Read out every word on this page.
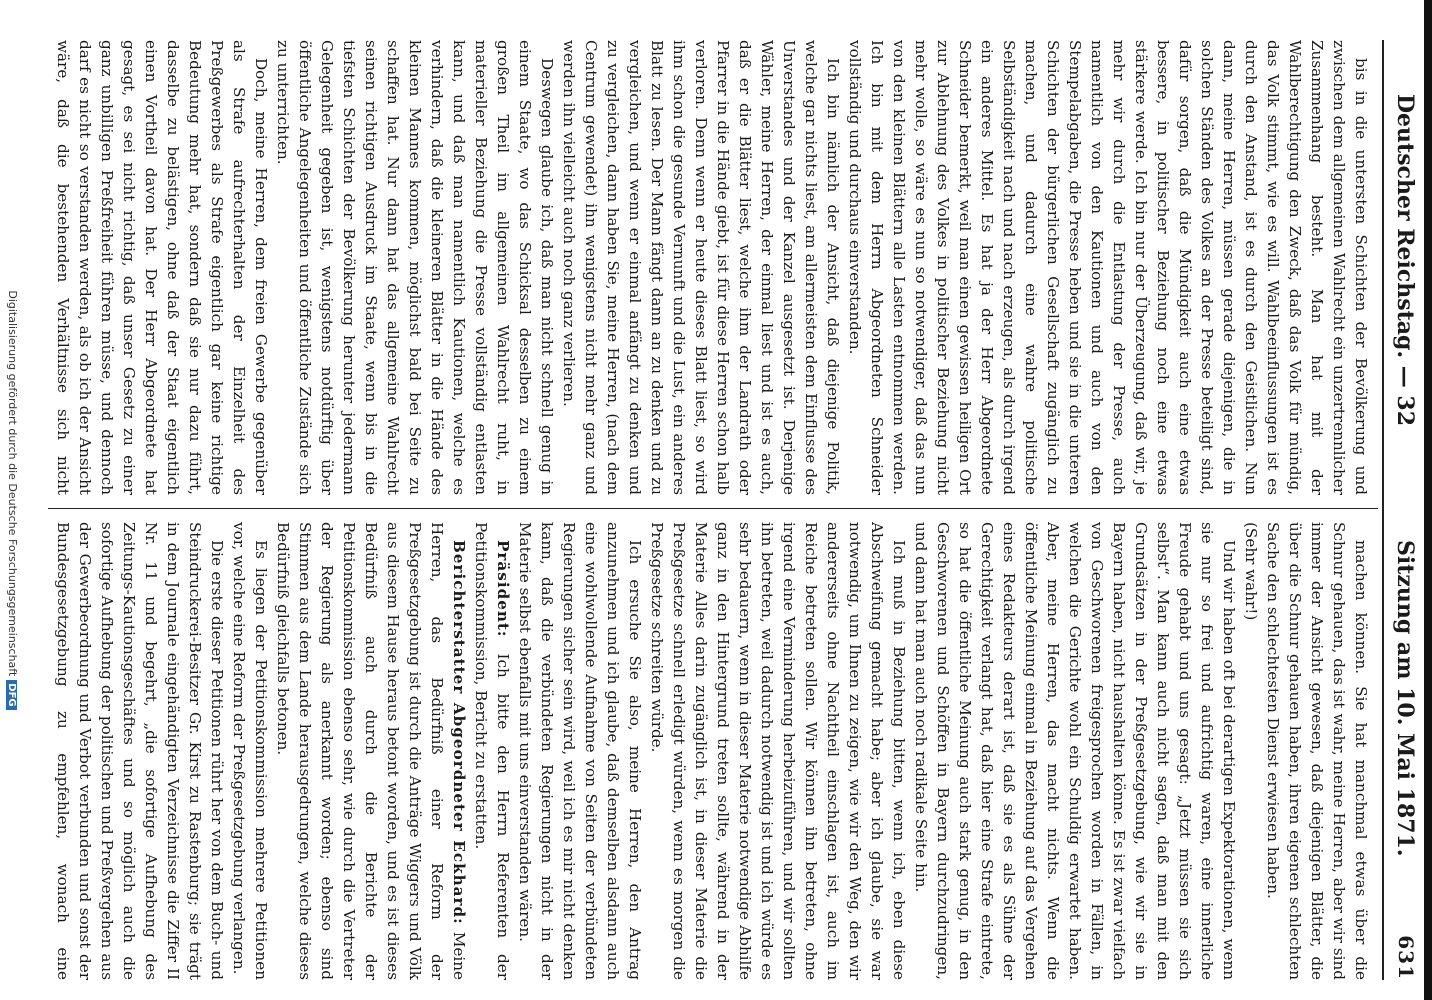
Deutscher Reichstag. — 32
Sitzung am 10. Mai 1871.
631

bis in die untersten Schichten der Bevölkerung und zwischen dem allgemeinen Wahlrecht ein unzertrennlicher Zusammenhang besteht. Man hat mit der Wahlberechtigung den Zweck, daß das Volk für mündig, das Volk stimmt, wie es will. Wahlbeeinflussungen ist es durch den Anstand, ist es durch den Geistlichen. Nun dann, meine Herren, müssen gerade diejenigen, die in solchen Ständen des Volkes an der Presse beteiligt sind, dafür sorgen, daß die Mündigkeit auch eine etwas bessere, in politischer Beziehung noch eine etwas stärkere werde. Ich bin nur der Überzeugung, daß wir, je mehr wir durch die Entlastung der Presse, auch namentlich von den Kautionen und auch von den Stempelabgaben, die Presse heben und sie in die unteren Schichten der bürgerlichen Gesellschaft zugänglich zu machen, und dadurch eine wahre politische Selbständigkeit nach und nach erzeugen, als durch irgend ein anderes Mittel. Es hat ja der Herr Abgeordnete Schneider bemerkt, weil man einen gewissen heiligen Ort zur Ablehnung des Volkes in politischer Beziehung nicht mehr wolle, so wäre es nun so notwendiger, daß das nun von den kleinen Blättern alle Lasten entnommen werden. Ich bin mit dem Herrn Abgeordneten Schneider vollständig und durchaus einverstanden.

Ich bin nämlich der Ansicht, daß diejenige Politik, welche gar nichts liest, am allermeisten dem Einflusse des Unverstandes und der Kanzel ausgesetzt ist. Derjenige Wähler, meine Herren, der einmal liest und ist es auch, daß er die Blätter liest, welche ihm der Landrath oder Pfarrer in die Hände giebt, ist für diese Herren schon halb verloren. Denn wenn er heute dieses Blatt liest, so wird ihm schon die gesunde Vernunft und die Lust, ein anderes Blatt zu lesen. Der Mann fängt dann an zu denken und zu vergleichen, und wenn er einmal anfängt zu denken und zu vergleichen, dann haben Sie, meine Herren, (nach dem Centrum gewendet) ihn wenigstens nicht mehr ganz und werden ihn vielleicht auch noch ganz verlieren.

Deswegen glaube ich, daß man nicht schnell genug in einem Staate, wo das Schicksal desselben zu einem großen Theil im allgemeinen Wahlrecht ruht, in materieller Beziehung die Presse vollständig entlasten kann, und daß man namentlich Kautionen, welche es verhindern, daß die kleineren Blätter in die Hände des kleinen Mannes kommen, möglichst bald bei Seite zu schaffen hat. Nur dann hat das allgemeine Wahlrecht seinen richtigen Ausdruck im Staate, wenn bis in die tiefsten Schichten der Bevölkerung herunter jedermann Gelegenheit gegeben ist, wenigstens notdürftig über öffentliche Angelegenheiten und öffentliche Zustände sich zu unterrichten.

Doch, meine Herren, dem freien Gewerbe gegenüber als Strafe aufrechterhalten der Einzelheit des Preßgewerbes als Strafe eigentlich gar keine richtige Bedeutung mehr hat, sondern daß sie nur dazu führt, dasselbe zu belästigen, ohne daß der Staat eigentlich einen Vortheil davon hat. Der Herr Abgeordnete hat gesagt, es sei nicht richtig, daß unser Gesetz zu einer ganz unbilligen Preßfreiheit führen müsse, und dennoch darf es nicht so verstanden werden, als ob ich der Ansicht wäre, daß die bestehenden Verhältnisse sich nicht

machen können. Sie hat manchmal etwas über die Schnur gehauen, das ist wahr, meine Herren, aber wir sind immer der Ansicht gewesen, daß diejenigen Blätter, die über die Schnur gehauen haben, ihren eigenen schlechten Sache den schlechtesten Dienst erwiesen haben.

(Sehr wahr!)

Und wir haben oft bei derartigen Expektorationen, wenn sie nur so frei und aufrichtig waren, eine innerliche Freude gehabt und uns gesagt: „Jetzt müssen sie sich selbst“. Man kann auch nicht sagen, daß man mit den Grundsätzen in der Preßgesetzgebung, wie wir sie in Bayern haben, nicht haushalten könne. Es ist zwar vielfach von Geschworenen freigesprochen worden in Fällen, in welchen die Gerichte wohl ein Schuldig erwartet haben. Aber, meine Herren, das macht nichts. Wenn die öffentliche Meinung einmal in Beziehung auf das Vergehen eines Redakteurs derart ist, daß sie es als Sühne der Gerechtigkeit verlangt hat, daß hier eine Strafe eintrete, so hat die öffentliche Meinung auch stark genug, in den Geschworenen und Schöffen in Bayern durchzudringen, und dann hat man auch noch radikale Seite hin.

Ich muß in Beziehung bitten, wenn ich, eben diese Abschweifung gemacht habe; aber ich glaube, sie war notwendig, um Ihnen zu zeigen, wie wir den Weg, den wir andererseits ohne Nachtheil einschlagen ist, auch im Reiche betreten sollen. Wir können ihn betreten, ohne irgend eine Verminderung herbeizuführen, und wir sollten ihn betreten, weil dadurch notwendig ist und ich würde es sehr bedauern, wenn in dieser Materie notwendige Abhilfe ganz in den Hintergrund treten sollte, während in der Materie Alles darin zugänglich ist, in dieser Materie die Preßgesetze schnell erledigt würden, wenn es morgen die Preßgesetze schreiten würde.

Ich ersuche Sie also, meine Herren, den Antrag anzunehmen und ich glaube, daß demselben alsdann auch eine wohlwollende Aufnahme von Seiten der verbündeten Regierungen sicher sein wird, weil ich es mir nicht denken kann, daß die verbündeten Regierungen nicht in der Materie selbst ebenfalls mit uns einverstanden wären.

Präsident: Ich bitte den Herrn Referenten der Petitionskommission, Bericht zu erstatten.

Berichterstatter Abgeordneter Eckhard: Meine Herren, das Bedürfniß einer Reform der Preßgesetzgebung ist durch die Anträge Wiggers und Völk aus diesem Hause heraus betont worden, und es ist dieses Bedürfniß auch durch die Berichte der Petitionskommission ebenso sehr, wie durch die Vertreter der Regierung als anerkannt worden; ebenso sind Stimmen aus dem Lande herausgedrungen, welche dieses Bedürfniß gleichfalls betonen.

Es liegen der Petitionskommission mehrere Petitionen vor, welche eine Reform der Preßgesetzgebung verlangen.

Die erste dieser Petitionen rührt her von dem Buch- und Steindruckerei-Besitzer Gr. Kirst zu Rastenburg; sie trägt in dem Journale eingehändigten Verzeichnisse die Ziffer II Nr. 11 und begehrt, „die sofortige Aufhebung des Zeitungs-Kautionsgeschäftes und so möglich auch die sofortige Aufhebung der politischen und Preßvergehen aus der Gewerbeordnung und Verbot verbunden und sonst der Bundesgesetzgebung zu empfehlen, wonach eine

Digitalisierung gefördert durch die Deutsche ForschungsgemeinschaftDFG
